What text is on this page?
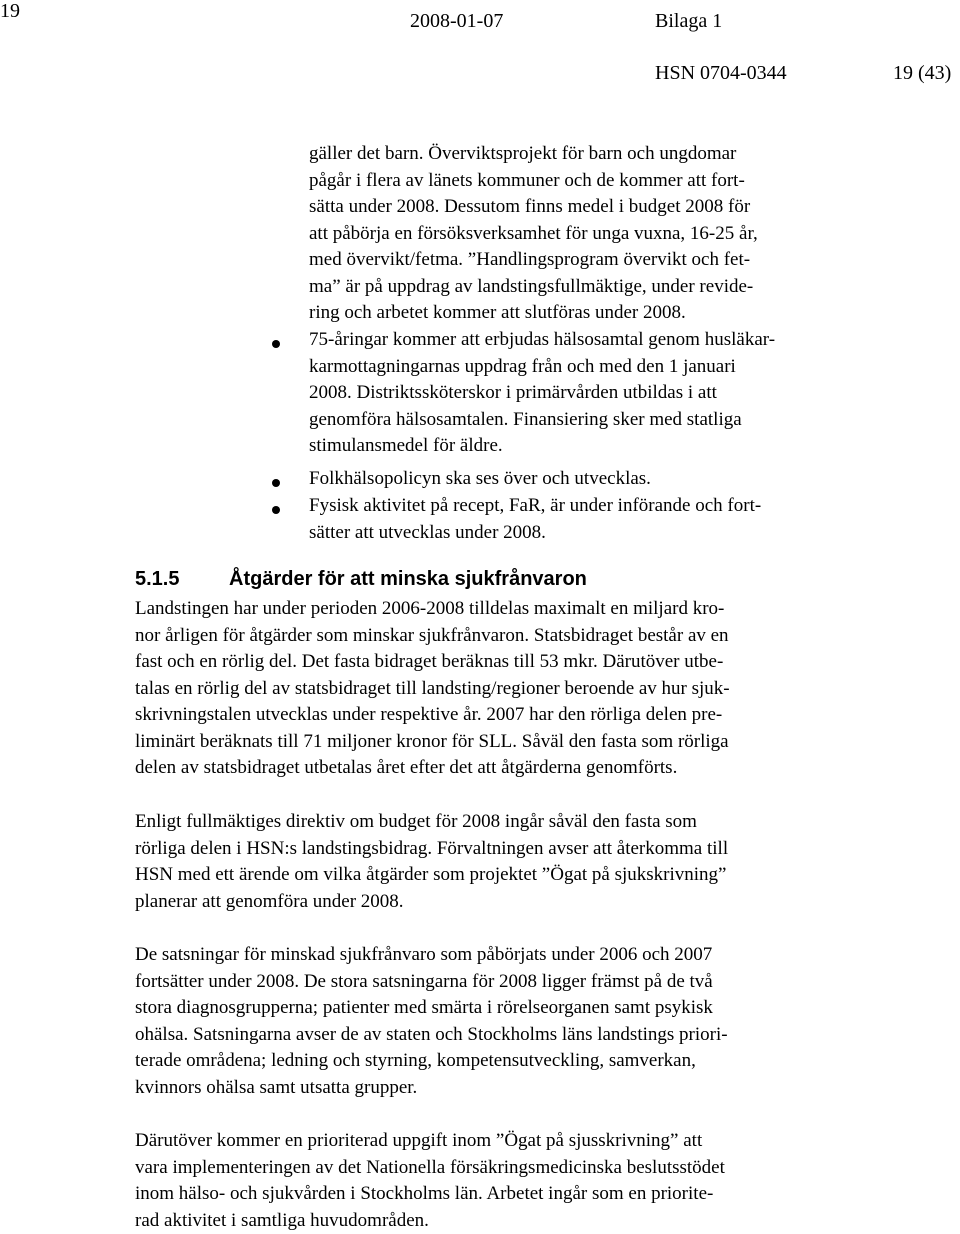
19	2008-01-07	Bilaga 1
HSN 0704-0344	19 (43)
gäller det barn. Överviktsprojekt för barn och ungdomar
pågår i flera av länets kommuner och de kommer att fort-
sätta under 2008. Dessutom finns medel i budget 2008 för
att påbörja en försöksverksamhet för unga vuxna, 16-25 år,
med övervikt/fetma. ”Handlingsprogram övervikt och fet-
ma” är på uppdrag av landstingsfullmäktige, under revide-
ring och arbetet kommer att slutföras under 2008.
75-åringar kommer att erbjudas hälsosamtal genom husläkar-
karmottagningarnas uppdrag från och med den 1 januari
2008. Distriktssköterskor i primärvården utbildas i att
genomföra hälsosamtalen. Finansiering sker med statliga
stimulansmedel för äldre.
Folkhälsopolicyn ska ses över och utvecklas.
Fysisk aktivitet på recept, FaR, är under införande och fort-
sätter att utvecklas under 2008.
5.1.5 Åtgärder för att minska sjukfrånvaron
Landstingen har under perioden 2006-2008 tilldelas maximalt en miljard kro-
nor årligen för åtgärder som minskar sjukfrånvaron. Statsbidraget består av en
fast och en rörlig del. Det fasta bidraget beräknas till 53 mkr. Därutöver utbe-
talas en rörlig del av statsbidraget till landsting/regioner beroende av hur sjuk-
skrivningstalen utvecklas under respektive år. 2007 har den rörliga delen pre-
liminärt beräknats till 71 miljoner kronor för SLL. Såväl den fasta som rörliga
delen av statsbidraget utbetalas året efter det att åtgärderna genomförts.
Enligt fullmäktiges direktiv om budget för 2008 ingår såväl den fasta som
rörliga delen i HSN:s landstingsbidrag. Förvaltningen avser att återkomma till
HSN med ett ärende om vilka åtgärder som projektet ”Ögat på sjukskrivning”
planerar att genomföra under 2008.
De satsningar för minskad sjukfrånvaro som påbörjats under 2006 och 2007
fortsätter under 2008. De stora satsningarna för 2008 ligger främst på de två
stora diagnosgrupperna; patienter med smärta i rörelseorganen samt psykisk
ohälsa. Satsningarna avser de av staten och Stockholms läns landstings priori-
terade områdena; ledning och styrning, kompetensutveckling, samverkan,
kvinnors ohälsa samt utsatta grupper.
Därutöver kommer en prioriterad uppgift inom ”Ögat på sjusskrivning” att
vara implementeringen av det Nationella försäkringsmedicinska beslutsstödet
inom hälso- och sjukvården i Stockholms län. Arbetet ingår som en priorite-
rad aktivitet i samtliga huvudområden.
